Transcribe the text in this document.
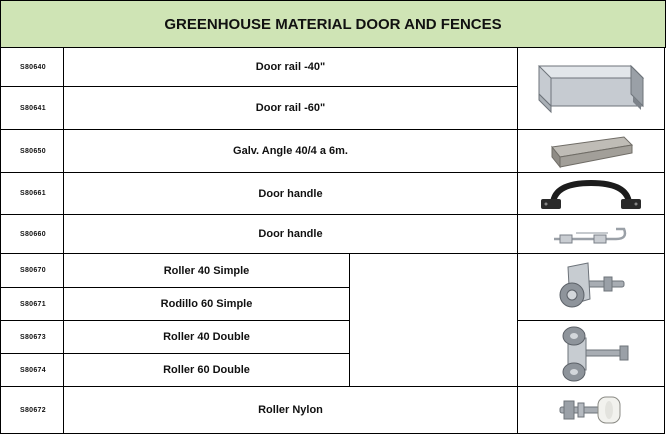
GREENHOUSE MATERIAL DOOR AND FENCES
S80640	Door rail -40"
S80641	Door rail -60"
S80650	Galv. Angle 40/4 a 6m.
S80661	Door handle
S80660	Door handle
S80670	Roller 40 Simple
S80671	Rodillo 60 Simple
S80673	Roller 40 Double
S80674	Roller 60 Double
S80672	Roller Nylon
